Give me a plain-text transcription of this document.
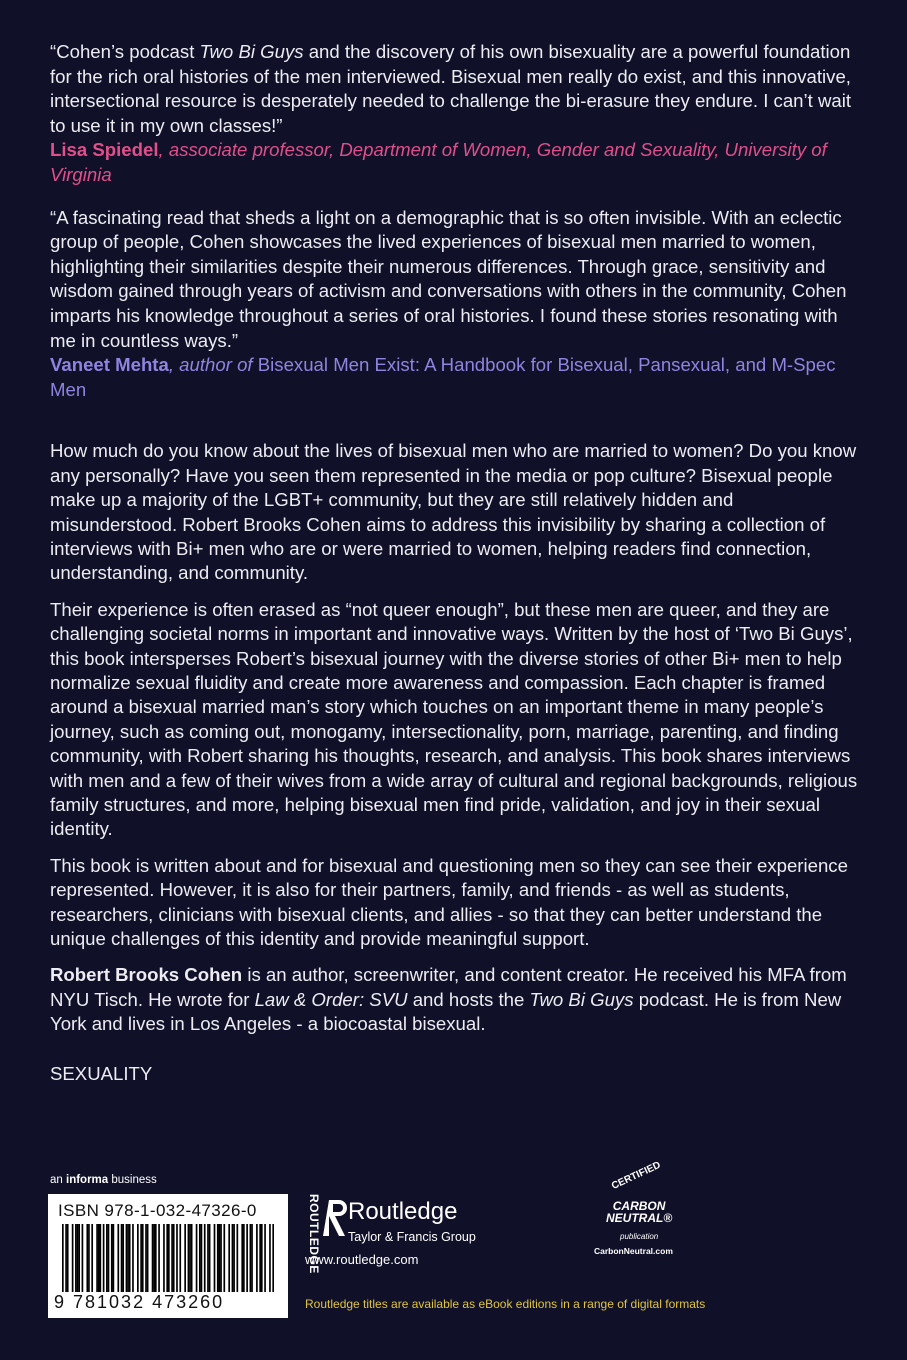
“Cohen’s podcast Two Bi Guys and the discovery of his own bisexuality are a powerful foundation for the rich oral histories of the men interviewed. Bisexual men really do exist, and this innovative, intersectional resource is desperately needed to challenge the bi-erasure they endure. I can’t wait to use it in my own classes!”

Lisa Spiedel, associate professor, Department of Women, Gender and Sexuality, University of Virginia

“A fascinating read that sheds a light on a demographic that is so often invisible. With an eclectic group of people, Cohen showcases the lived experiences of bisexual men married to women, highlighting their similarities despite their numerous differences. Through grace, sensitivity and wisdom gained through years of activism and conversations with others in the community, Cohen imparts his knowledge throughout a series of oral histories. I found these stories resonating with me in countless ways.”

Vaneet Mehta, author of Bisexual Men Exist: A Handbook for Bisexual, Pansexual, and M-Spec Men

How much do you know about the lives of bisexual men who are married to women? Do you know any personally? Have you seen them represented in the media or pop culture? Bisexual people make up a majority of the LGBT+ community, but they are still relatively hidden and misunderstood. Robert Brooks Cohen aims to address this invisibility by sharing a collection of interviews with Bi+ men who are or were married to women, helping readers find connection, understanding, and community.

Their experience is often erased as “not queer enough”, but these men are queer, and they are challenging societal norms in important and innovative ways. Written by the host of ‘Two Bi Guys’, this book intersperses Robert’s bisexual journey with the diverse stories of other Bi+ men to help normalize sexual fluidity and create more awareness and compassion. Each chapter is framed around a bisexual married man’s story which touches on an important theme in many people’s journey, such as coming out, monogamy, intersectionality, porn, marriage, parenting, and finding community, with Robert sharing his thoughts, research, and analysis. This book shares interviews with men and a few of their wives from a wide array of cultural and regional backgrounds, religious family structures, and more, helping bisexual men find pride, validation, and joy in their sexual identity.

This book is written about and for bisexual and questioning men so they can see their experience represented. However, it is also for their partners, family, and friends - as well as students, researchers, clinicians with bisexual clients, and allies - so that they can better understand the unique challenges of this identity and provide meaningful support.

Robert Brooks Cohen is an author, screenwriter, and content creator. He received his MFA from NYU Tisch. He wrote for Law & Order: SVU and hosts the Two Bi Guys podcast. He is from New York and lives in Los Angeles - a biocoastal bisexual.

SEXUALITY

an informa business
ISBN 978-1-032-47326-0
9 781032 473260
ROUTLEDGE Routledge
Taylor & Francis Group
www.routledge.com
CERTIFIED
CARBON
NEUTRAL®
publication
CarbonNeutral.com
Routledge titles are available as eBook editions in a range of digital formats
